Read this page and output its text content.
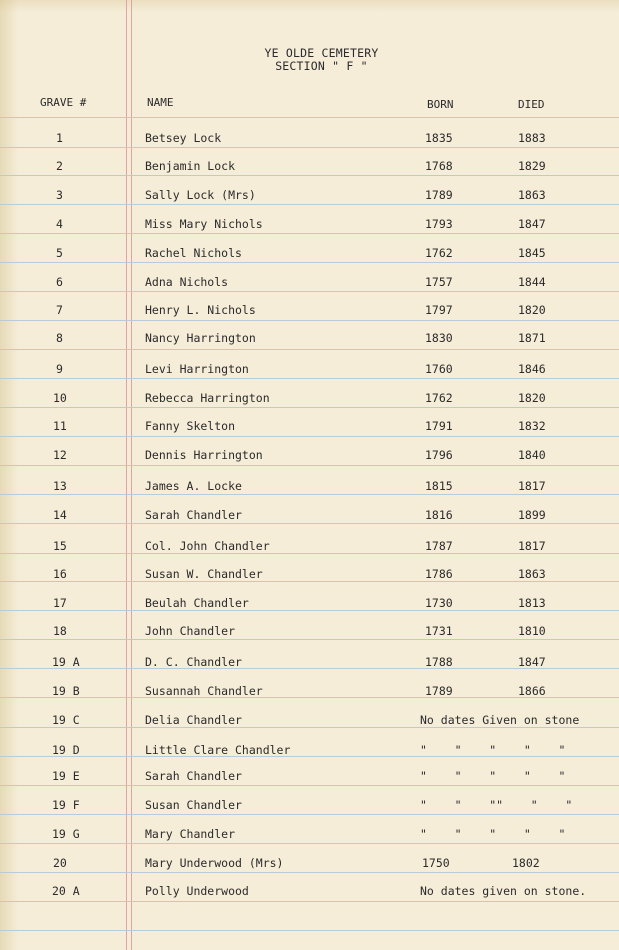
YE OLDE CEMETERY
SECTION " F "
GRAVE #	NAME	BORN	DIED
1	Betsey Lock	1835	1883
2	Benjamin Lock	1768	1829
3	Sally Lock (Mrs)	1789	1863
4	Miss Mary Nichols	1793	1847
5	Rachel Nichols	1762	1845
6	Adna Nichols	1757	1844
7	Henry L. Nichols	1797	1820
8	Nancy Harrington	1830	1871
9	Levi Harrington	1760	1846
10	Rebecca Harrington	1762	1820
11	Fanny Skelton	1791	1832
12	Dennis Harrington	1796	1840
13	James A. Locke	1815	1817
14	Sarah Chandler	1816	1899
15	Col. John Chandler	1787	1817
16	Susan W. Chandler	1786	1863
17	Beulah Chandler	1730	1813
18	John Chandler	1731	1810
19 A	D. C. Chandler	1788	1847
19 B	Susannah Chandler	1789	1866
19 C	Delia Chandler	No dates Given on stone
19 D	Little Clare Chandler	"    "    "    "    "
19 E	Sarah Chandler	"    "    "    "    "
19 F	Susan Chandler	"    "    ""    "    "
19 G	Mary Chandler	"    "    "    "    "
20	Mary Underwood (Mrs)	1750	1802
20 A	Polly Underwood	No dates given on stone.
